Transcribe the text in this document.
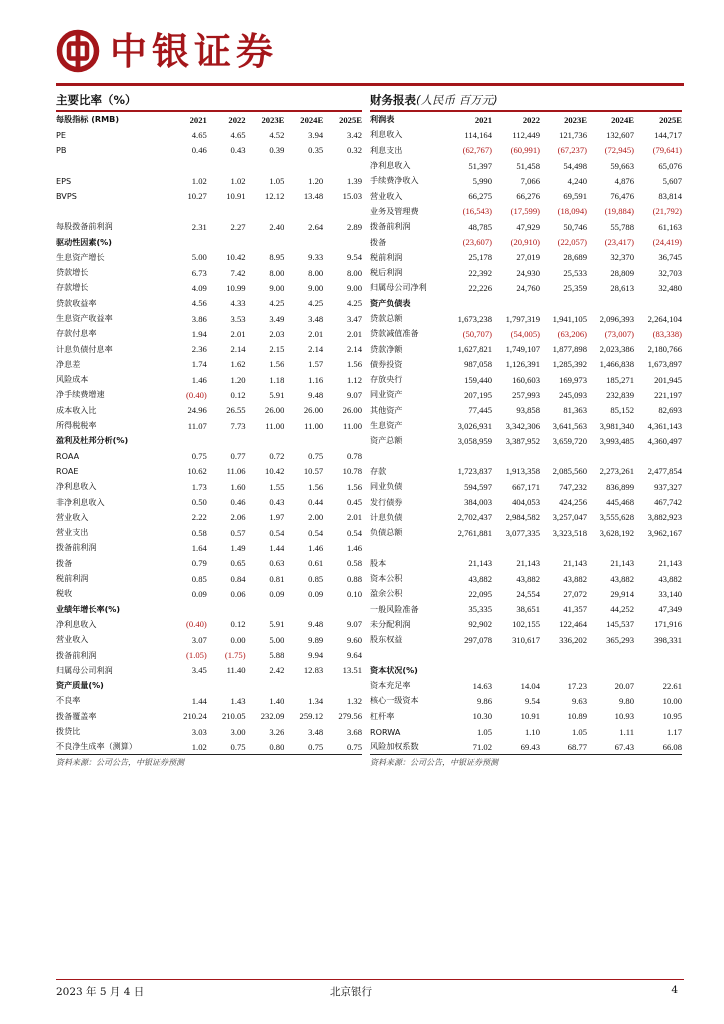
中银证券
主要比率（%）
每股指标 (RMB)	2021	2022	2023E	2024E	2025E
PE	4.65	4.65	4.52	3.94	3.42
PB	0.46	0.43	0.39	0.35	0.32

EPS	1.02	1.02	1.05	1.20	1.39
BVPS	10.27	10.91	12.12	13.48	15.03

每股拨备前利润	2.31	2.27	2.40	2.64	2.89
驱动性因素(%)					
生息资产增长	5.00	10.42	8.95	9.33	9.54
贷款增长	6.73	7.42	8.00	8.00	8.00
存款增长	4.09	10.99	9.00	9.00	9.00
贷款收益率	4.56	4.33	4.25	4.25	4.25
生息资产收益率	3.86	3.53	3.49	3.48	3.47
存款付息率	1.94	2.01	2.03	2.01	2.01
计息负债付息率	2.36	2.14	2.15	2.14	2.14
净息差	1.74	1.62	1.56	1.57	1.56
风险成本	1.46	1.20	1.18	1.16	1.12
净手续费增速	(0.40)	0.12	5.91	9.48	9.07
成本收入比	24.96	26.55	26.00	26.00	26.00
所得税税率	11.07	7.73	11.00	11.00	11.00
盈利及杜邦分析(%)					
ROAA	0.75	0.77	0.72	0.75	0.78
ROAE	10.62	11.06	10.42	10.57	10.78
净利息收入	1.73	1.60	1.55	1.56	1.56
非净利息收入	0.50	0.46	0.43	0.44	0.45
营业收入	2.22	2.06	1.97	2.00	2.01
营业支出	0.58	0.57	0.54	0.54	0.54
拨备前利润	1.64	1.49	1.44	1.46	1.46
拨备	0.79	0.65	0.63	0.61	0.58
税前利润	0.85	0.84	0.81	0.85	0.88
税收	0.09	0.06	0.09	0.09	0.10
业绩年增长率(%)					
净利息收入	(0.40)	0.12	5.91	9.48	9.07
营业收入	3.07	0.00	5.00	9.89	9.60
拨备前利润	(1.05)	(1.75)	5.88	9.94	9.64
归属母公司利润	3.45	11.40	2.42	12.83	13.51
资产质量(%)					
不良率	1.44	1.43	1.40	1.34	1.32
拨备覆盖率	210.24	210.05	232.09	259.12	279.56
拨贷比	3.03	3.00	3.26	3.48	3.68
不良净生成率（测算）	1.02	0.75	0.80	0.75	0.75
资料来源：公司公告，中银证券预测
财务报表(人民币 百万元)
利润表	2021	2022	2023E	2024E	2025E
利息收入	114,164	112,449	121,736	132,607	144,717
利息支出	(62,767)	(60,991)	(67,237)	(72,945)	(79,641)
净利息收入	51,397	51,458	54,498	59,663	65,076
手续费净收入	5,990	7,066	4,240	4,876	5,607
营业收入	66,275	66,276	69,591	76,476	83,814
业务及管理费	(16,543)	(17,599)	(18,094)	(19,884)	(21,792)
拨备前利润	48,785	47,929	50,746	55,788	61,163
拨备	(23,607)	(20,910)	(22,057)	(23,417)	(24,419)
税前利润	25,178	27,019	28,689	32,370	36,745
税后利润	22,392	24,930	25,533	28,809	32,703
归属母公司净利	22,226	24,760	25,359	28,613	32,480
资产负债表					
贷款总额	1,673,238	1,797,319	1,941,105	2,096,393	2,264,104
贷款减值准备	(50,707)	(54,005)	(63,206)	(73,007)	(83,338)
贷款净额	1,627,821	1,749,107	1,877,898	2,023,386	2,180,766
债券投资	987,058	1,126,391	1,285,392	1,466,838	1,673,897
存放央行	159,440	160,603	169,973	185,271	201,945
同业资产	207,195	257,993	245,093	232,839	221,197
其他资产	77,445	93,858	81,363	85,152	82,693
生息资产	3,026,931	3,342,306	3,641,563	3,981,340	4,361,143
资产总额	3,058,959	3,387,952	3,659,720	3,993,485	4,360,497

存款	1,723,837	1,913,358	2,085,560	2,273,261	2,477,854
同业负债	594,597	667,171	747,232	836,899	937,327
发行债券	384,003	404,053	424,256	445,468	467,742
计息负债	2,702,437	2,984,582	3,257,047	3,555,628	3,882,923
负债总额	2,761,881	3,077,335	3,323,518	3,628,192	3,962,167

股本	21,143	21,143	21,143	21,143	21,143
资本公积	43,882	43,882	43,882	43,882	43,882
盈余公积	22,095	24,554	27,072	29,914	33,140
一般风险准备	35,335	38,651	41,357	44,252	47,349
未分配利润	92,902	102,155	122,464	145,537	171,916
股东权益	297,078	310,617	336,202	365,293	398,331

资本状况(%)					
资本充足率	14.63	14.04	17.23	20.07	22.61
核心一级资本	9.86	9.54	9.63	9.80	10.00
杠杆率	10.30	10.91	10.89	10.93	10.95
RORWA	1.05	1.10	1.05	1.11	1.17
风险加权系数	71.02	69.43	68.77	67.43	66.08
资料来源：公司公告，中银证券预测
2023 年 5 月 4 日	北京银行	4
